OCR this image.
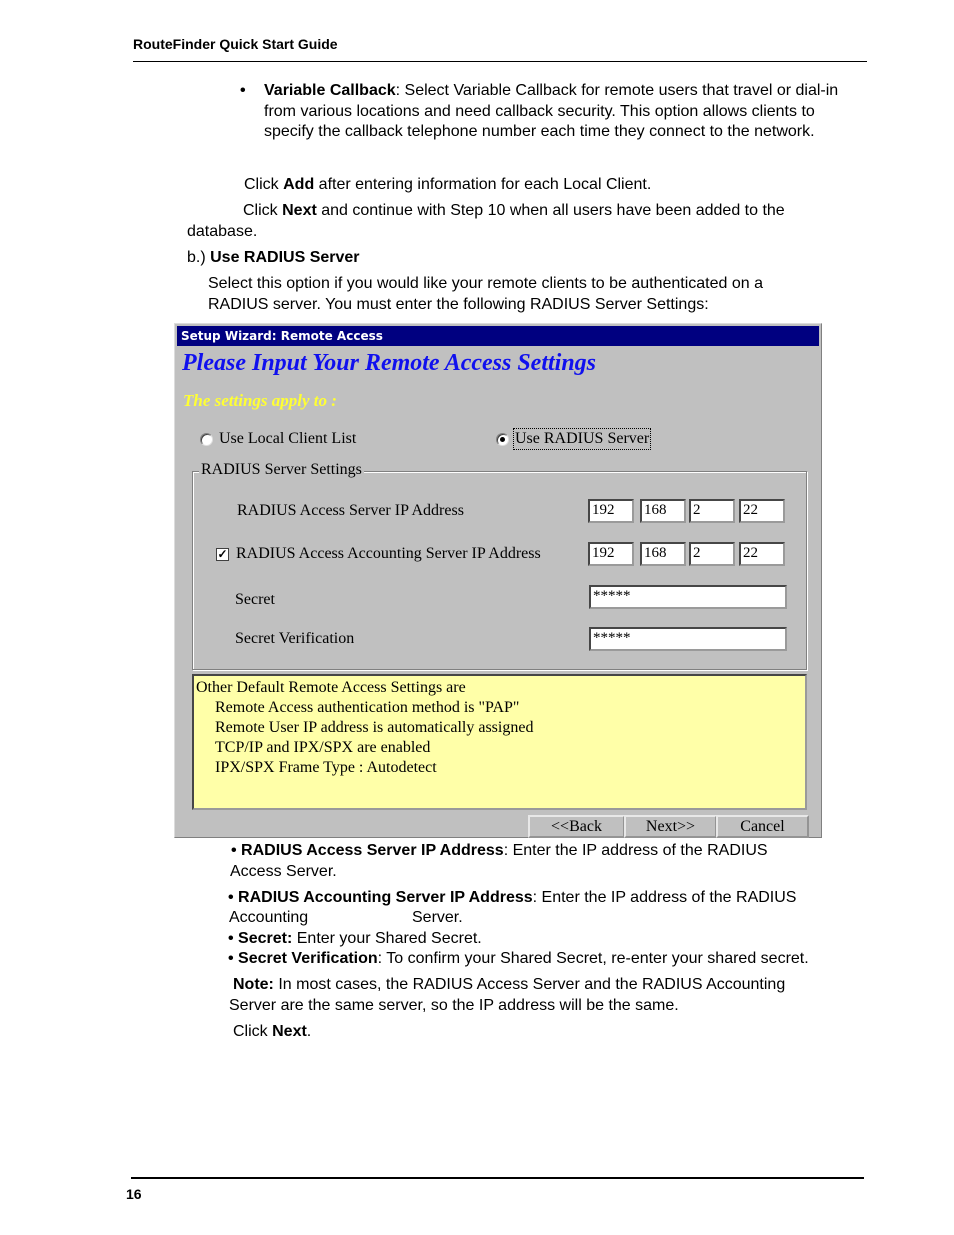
RouteFinder Quick Start Guide
• Variable Callback: Select Variable Callback for remote users that travel or dial-in from various locations and need callback security. This option allows clients to specify the callback telephone number each time they connect to the network.
Click Add after entering information for each Local Client.
Click Next and continue with Step 10 when all users have been added to the
database.
b.) Use RADIUS Server
Select this option if you would like your remote clients to be authenticated on a
RADIUS server. You must enter the following RADIUS Server Settings:
Setup Wizard: Remote Access
Please Input Your Remote Access Settings
The settings apply to :
Use Local Client List	Use RADIUS Server
RADIUS Server Settings
RADIUS Access Server IP Address	192	168	2	22
✓ RADIUS Access Accounting Server IP Address	192	168	2	22
Secret	*****
Secret Verification	*****
Other Default Remote Access Settings are
Remote Access authentication method is "PAP"
Remote User IP address is automatically assigned
TCP/IP and IPX/SPX are enabled
IPX/SPX Frame Type : Autodetect
<<Back	Next>>	Cancel
• RADIUS Access Server IP Address: Enter the IP address of the RADIUS
Access Server.
• RADIUS Accounting Server IP Address: Enter the IP address of the RADIUS
Accounting	Server.
• Secret: Enter your Shared Secret.
• Secret Verification: To confirm your Shared Secret, re-enter your shared secret.
Note: In most cases, the RADIUS Access Server and the RADIUS Accounting
Server are the same server, so the IP address will be the same.
Click Next.
16
